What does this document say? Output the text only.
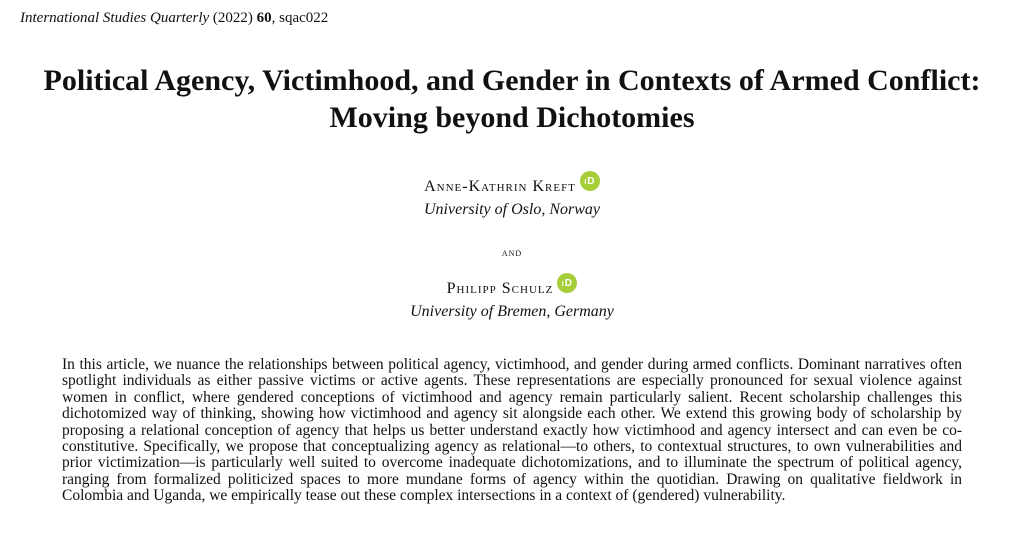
International Studies Quarterly (2022) 60, sqac022
Political Agency, Victimhood, and Gender in Contexts of Armed Conflict: Moving beyond Dichotomies
Anne-Kathrin Kreft iD
University of Oslo, Norway
and
Philipp Schulz iD
University of Bremen, Germany
In this article, we nuance the relationships between political agency, victimhood, and gender during armed conflicts. Dominant narratives often spotlight individuals as either passive victims or active agents. These representations are especially pronounced for sexual violence against women in conflict, where gendered conceptions of victimhood and agency remain particularly salient. Recent scholarship challenges this dichotomized way of thinking, showing how victimhood and agency sit alongside each other. We extend this growing body of scholarship by proposing a relational conception of agency that helps us better understand exactly how victimhood and agency intersect and can even be co-constitutive. Specifically, we propose that conceptualizing agency as relational—to others, to contextual structures, to own vulnerabilities and prior victimization—is particularly well suited to overcome inadequate dichotomizations, and to illuminate the spectrum of political agency, ranging from formalized politicized spaces to more mundane forms of agency within the quotidian. Drawing on qualitative fieldwork in Colombia and Uganda, we empirically tease out these complex intersections in a context of (gendered) vulnerability.
